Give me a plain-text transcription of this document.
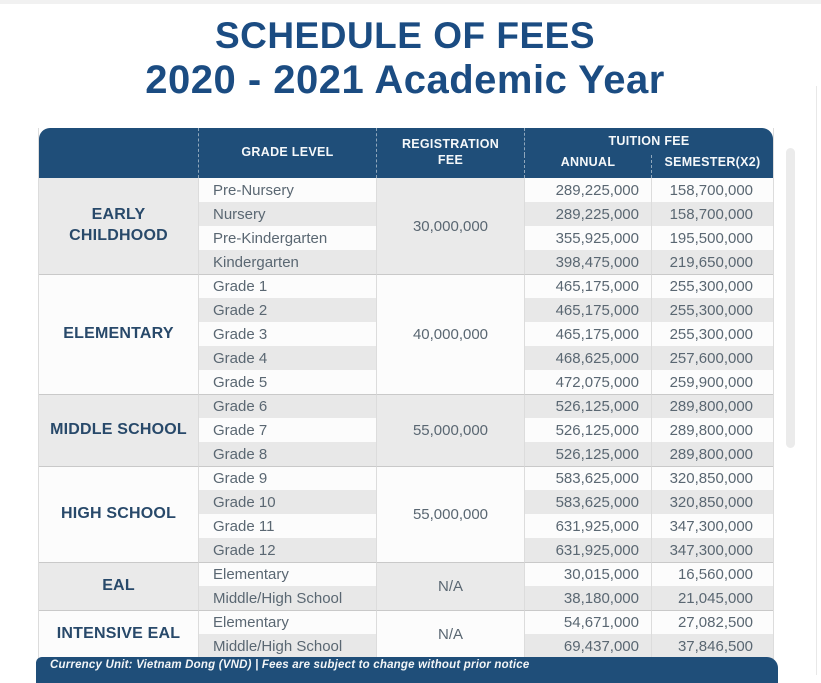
SCHEDULE OF FEES
2020 - 2021 Academic Year
	GRADE LEVEL	REGISTRATION FEE	TUITION FEE	
			ANNUAL	SEMESTER(X2)
EARLY CHILDHOOD	Pre-Nursery	30,000,000	289,225,000	158,700,000
	Nursery		289,225,000	158,700,000
	Pre-Kindergarten		355,925,000	195,500,000
	Kindergarten		398,475,000	219,650,000
ELEMENTARY	Grade 1	40,000,000	465,175,000	255,300,000
	Grade 2		465,175,000	255,300,000
	Grade 3		465,175,000	255,300,000
	Grade 4		468,625,000	257,600,000
	Grade 5		472,075,000	259,900,000
MIDDLE SCHOOL	Grade 6	55,000,000	526,125,000	289,800,000
	Grade 7		526,125,000	289,800,000
	Grade 8		526,125,000	289,800,000
HIGH SCHOOL	Grade 9	55,000,000	583,625,000	320,850,000
	Grade 10		583,625,000	320,850,000
	Grade 11		631,925,000	347,300,000
	Grade 12		631,925,000	347,300,000
EAL	Elementary	N/A	30,015,000	16,560,000
	Middle/High School		38,180,000	21,045,000
INTENSIVE EAL	Elementary	N/A	54,671,000	27,082,500
	Middle/High School		69,437,000	37,846,500
Currency Unit: Vietnam Dong (VND) | Fees are subject to change without prior notice
